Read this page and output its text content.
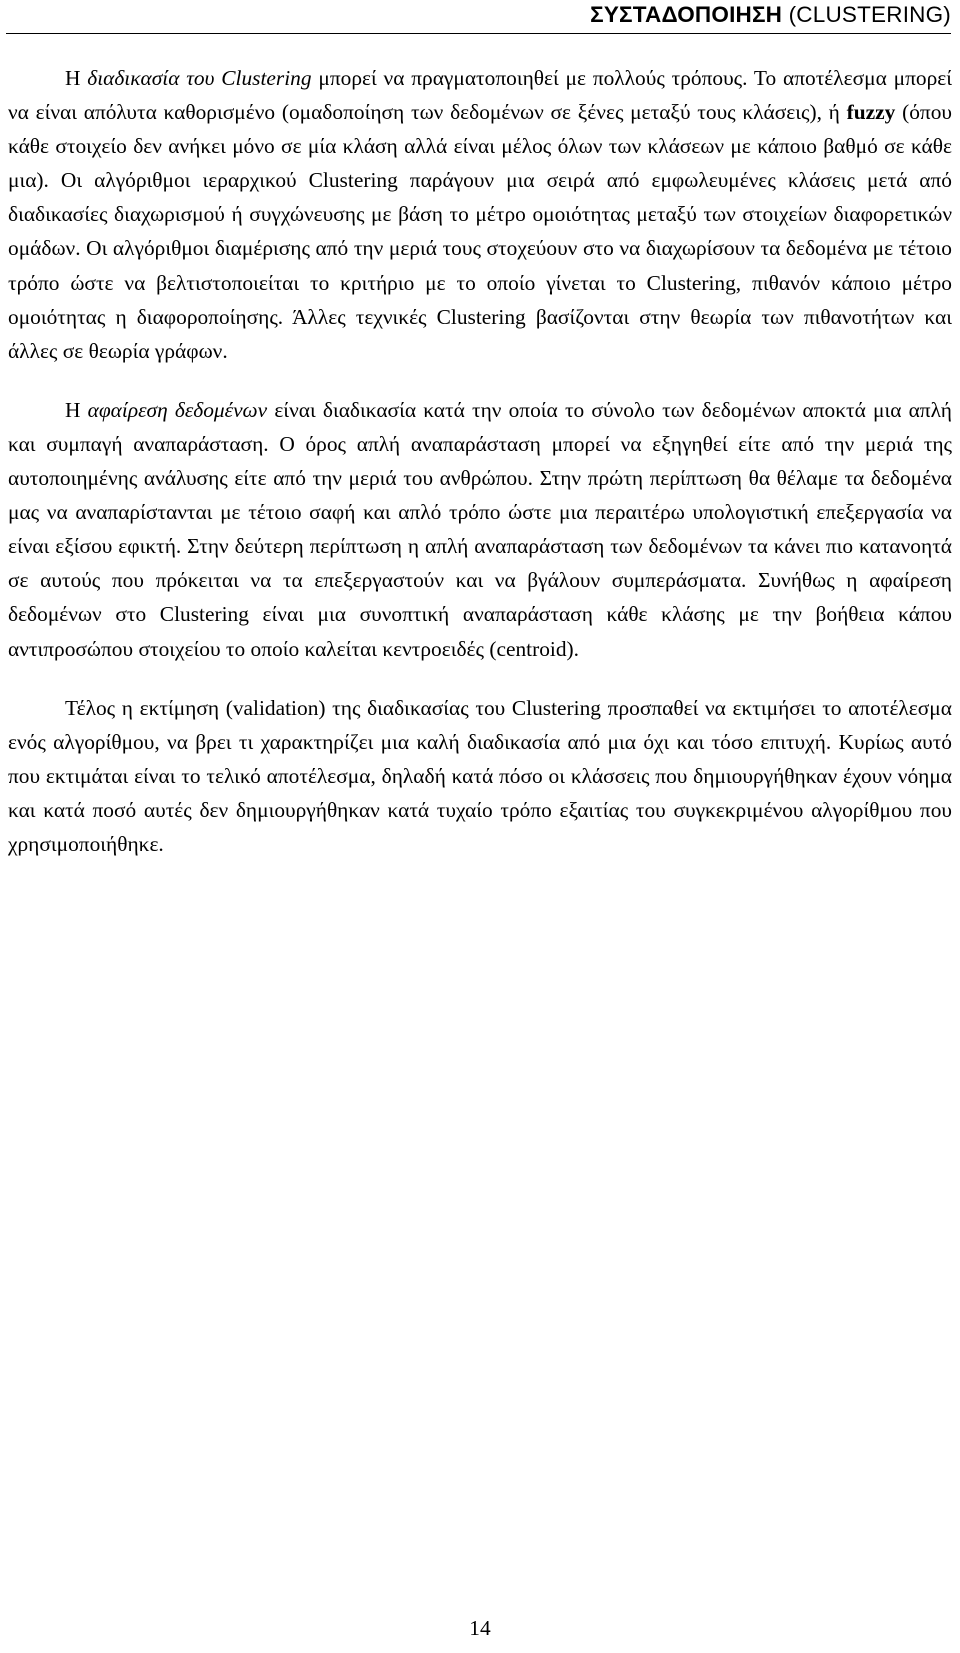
ΣΥΣΤΑΔΟΠΟΙΗΣΗ (CLUSTERING)

Η διαδικασία του Clustering μπορεί να πραγματοποιηθεί με πολλούς τρόπους. Το αποτέλεσμα μπορεί να είναι απόλυτα καθορισμένο (ομαδοποίηση των δεδομένων σε ξένες μεταξύ τους κλάσεις), ή fuzzy (όπου κάθε στοιχείο δεν ανήκει μόνο σε μία κλάση αλλά είναι μέλος όλων των κλάσεων με κάποιο βαθμό σε κάθε μια). Οι αλγόριθμοι ιεραρχικού Clustering παράγουν μια σειρά από εμφωλευμένες κλάσεις μετά από διαδικασίες διαχωρισμού ή συγχώνευσης με βάση το μέτρο ομοιότητας μεταξύ των στοιχείων διαφορετικών ομάδων. Οι αλγόριθμοι διαμέρισης από την μεριά τους στοχεύουν στο να διαχωρίσουν τα δεδομένα με τέτοιο τρόπο ώστε να βελτιστοποιείται το κριτήριο με το οποίο γίνεται το Clustering, πιθανόν κάποιο μέτρο ομοιότητας η διαφοροποίησης. Άλλες τεχνικές Clustering βασίζονται στην θεωρία των πιθανοτήτων και άλλες σε θεωρία γράφων.

Η αφαίρεση δεδομένων είναι διαδικασία κατά την οποία το σύνολο των δεδομένων αποκτά μια απλή και συμπαγή αναπαράσταση. Ο όρος απλή αναπαράσταση μπορεί να εξηγηθεί είτε από την μεριά της αυτοποιημένης ανάλυσης είτε από την μεριά του ανθρώπου. Στην πρώτη περίπτωση θα θέλαμε τα δεδομένα μας να αναπαρίστανται με τέτοιο σαφή και απλό τρόπο ώστε μια περαιτέρω υπολογιστική επεξεργασία να είναι εξίσου εφικτή. Στην δεύτερη περίπτωση η απλή αναπαράσταση των δεδομένων τα κάνει πιο κατανοητά σε αυτούς που πρόκειται να τα επεξεργαστούν και να βγάλουν συμπεράσματα. Συνήθως η αφαίρεση δεδομένων στο Clustering είναι μια συνοπτική αναπαράσταση κάθε κλάσης με την βοήθεια κάπου αντιπροσώπου στοιχείου το οποίο καλείται κεντροειδές (centroid).

Τέλος η εκτίμηση (validation) της διαδικασίας του Clustering προσπαθεί να εκτιμήσει το αποτέλεσμα ενός αλγορίθμου, να βρει τι χαρακτηρίζει μια καλή διαδικασία από μια όχι και τόσο επιτυχή. Κυρίως αυτό που εκτιμάται είναι το τελικό αποτέλεσμα, δηλαδή κατά πόσο οι κλάσσεις που δημιουργήθηκαν έχουν νόημα και κατά ποσό αυτές δεν δημιουργήθηκαν κατά τυχαίο τρόπο εξαιτίας του συγκεκριμένου αλγορίθμου που χρησιμοποιήθηκε.

14
